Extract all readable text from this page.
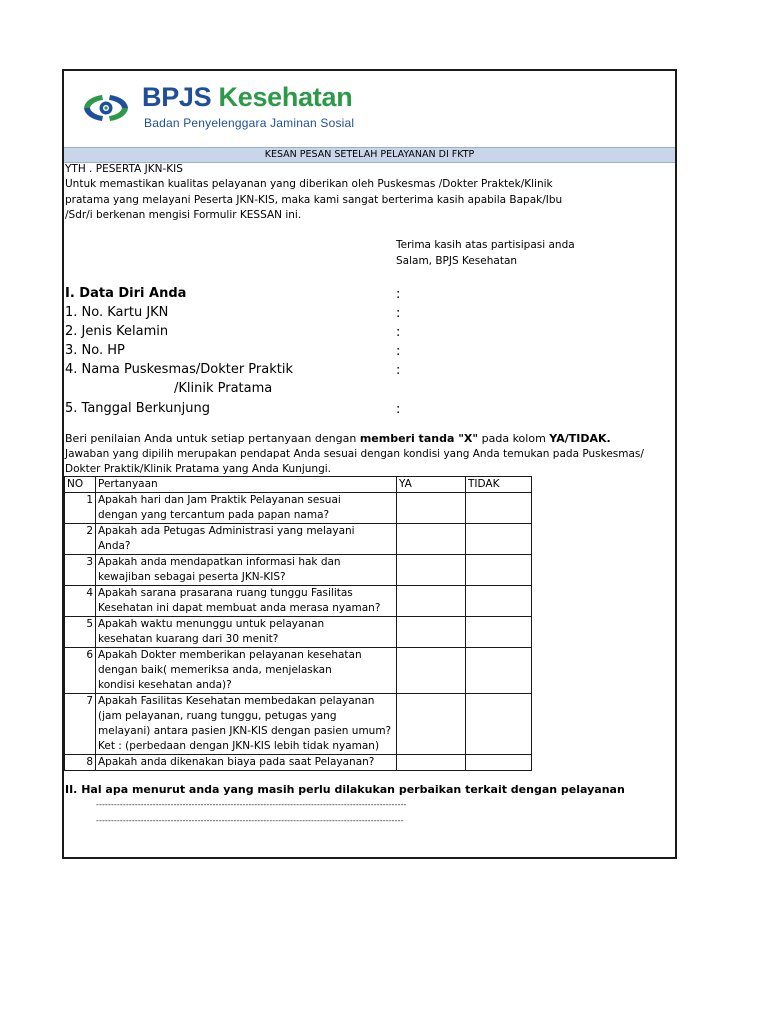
BPJS Kesehatan
Badan Penyelenggara Jaminan Sosial
KESAN PESAN SETELAH PELAYANAN DI FKTP
YTH . PESERTA JKN-KIS
Untuk memastikan kualitas pelayanan yang diberikan oleh Puskesmas /Dokter Praktek/Klinik
pratama yang melayani Peserta JKN-KIS, maka kami sangat berterima kasih apabila Bapak/Ibu
/Sdr/i berkenan mengisi Formulir KESSAN ini.
Terima kasih atas partisipasi anda
Salam, BPJS Kesehatan
I. Data Diri Anda	:
1. No. Kartu JKN	:
2. Jenis Kelamin	:
3. No. HP	:
4. Nama Puskesmas/Dokter Praktik	:
/Klinik Pratama
5. Tanggal Berkunjung	:
Beri penilaian Anda untuk setiap pertanyaan dengan memberi tanda "X" pada kolom YA/TIDAK.
Jawaban yang dipilih merupakan pendapat Anda sesuai dengan kondisi yang Anda temukan pada Puskesmas/
Dokter Praktik/Klinik Pratama yang Anda Kunjungi.
NO	Pertanyaan	YA	TIDAK
1	Apakah hari dan Jam Praktik Pelayanan sesuai
dengan yang tercantum pada papan nama?		

2	Apakah ada Petugas Administrasi yang melayani
Anda?		

3	Apakah anda mendapatkan informasi hak dan
kewajiban sebagai peserta JKN-KIS?		

4	Apakah sarana prasarana ruang tunggu Fasilitas
Kesehatan ini dapat membuat anda merasa nyaman?		

5	Apakah waktu menunggu untuk pelayanan
kesehatan kuarang dari 30 menit?		

6	Apakah Dokter memberikan pelayanan kesehatan
dengan baik( memeriksa anda, menjelaskan
kondisi kesehatan anda)?		

7	Apakah Fasilitas Kesehatan membedakan pelayanan
(jam pelayanan, ruang tunggu, petugas yang
melayani) antara pasien JKN-KIS dengan pasien umum?
Ket : (perbedaan dengan JKN-KIS lebih tidak nyaman)		

8	Apakah anda dikenakan biaya pada saat Pelayanan?		

II. Hal apa menurut anda yang masih perlu dilakukan perbaikan terkait dengan pelayanan
--------------------------------------------------------------------------------------------------------
-------------------------------------------------------------------------------------------------------
